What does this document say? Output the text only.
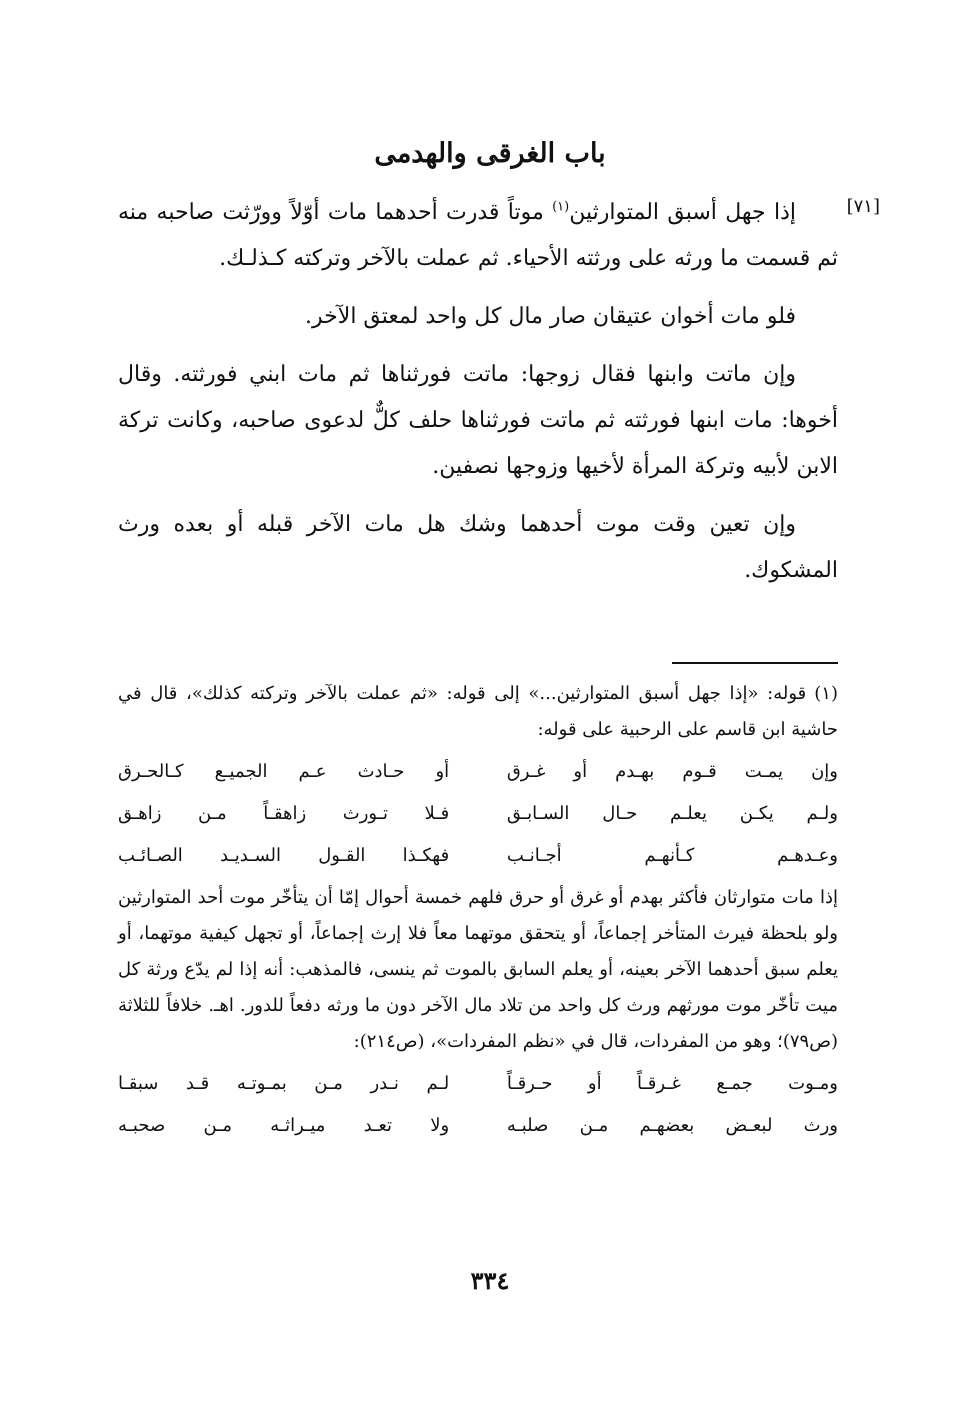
باب الغرقى والهدمى
[٧١]

إذا جهل أسبق المتوارثين$^{(١)}$ موتاً قدرت أحدهما مات أوّلاً وورّثت صاحبه منه ثم قسمت ما ورثه على ورثته الأحياء. ثم عملت بالآخر وتركته كـذلـك.

فلو مات أخوان عتيقان صار مال كل واحد لمعتق الآخر.

وإن ماتت وابنها فقال زوجها: ماتت فورثناها ثم مات ابني فورثته. وقال أخوها: مات ابنها فورثته ثم ماتت فورثناها حلف كلٌّ لدعوى صاحبه، وكانت تركة الابن لأبيه وتركة المرأة لأخيها وزوجها نصفين.

وإن تعين وقت موت أحدهما وشك هل مات الآخر قبله أو بعده ورث المشكوك.

(١)قوله: «إذا جهل أسبق المتوارثين...» إلى قوله: «ثم عملت بالآخر وتركته كذلك»، قال في حاشية ابن قاسم على الرحبية على قوله:

وإن يمـت قـوم بهـدم أو غـرق
أو حـادث عـم الجميـع كـالحـرق
ولـم يكـن يعلـم حـال السـابـق
فـلا تـورث زاهقـاً مـن زاهـق
وعـدهـم كـأنهـم أجـانـب
فهكـذا القـول السـديـد الصـائـب

إذا مات متوارثان فأكثر بهدم أو غرق أو حرق فلهم خمسة أحوال إمّا أن يتأخّر موت أحد المتوارثين ولو بلحظة فيرث المتأخر إجماعاً، أو يتحقق موتهما معاً فلا إرث إجماعاً، أو تجهل كيفية موتهما، أو يعلم سبق أحدهما الآخر بعينه، أو يعلم السابق بالموت ثم ينسى، فالمذهب: أنه إذا لم يدّع ورثة كل ميت تأخّر موت مورثهم ورث كل واحد من تلاد مال الآخر دون ما ورثه دفعاً للدور. اهـ. خلافاً للثلاثة (ص٧٩)؛ وهو من المفردات، قال في «نظم المفردات»، (ص٢١٤):

ومـوت جمـع غـرقـاً أو حـرقـاً
لـم نـدر مـن بمـوتـه قـد سبقـا
ورث لبعـض بعضهـم مـن صلبـه
ولا تعـد ميـراثـه مـن صحبـه
٣٣٤
